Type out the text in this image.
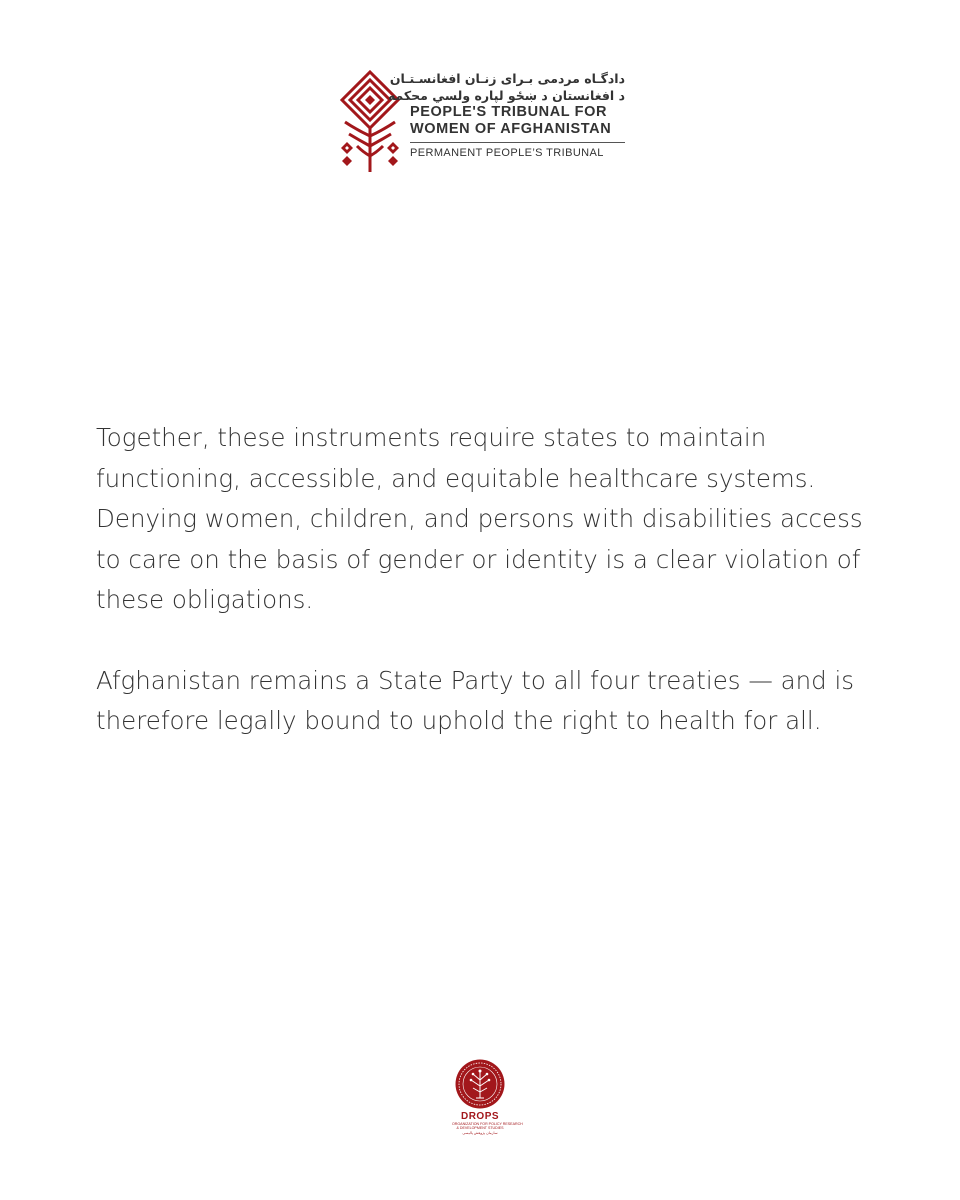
دادگـاه مردمی بـرای زنـان افغانسـتـان
د افغانستان د ښځو لپاره ولسي محکمه
PEOPLE'S TRIBUNAL FOR
WOMEN OF AFGHANISTAN
PERMANENT PEOPLE’S TRIBUNAL

Together, these instruments require states to maintain
functioning, accessible, and equitable healthcare systems.
Denying women, children, and persons with disabilities access
to care on the basis of gender or identity is a clear violation of
these obligations.

Afghanistan remains a State Party to all four treaties — and is
therefore legally bound to uphold the right to health for all.

DROPS
ORGANIZATION FOR POLICY RESEARCH
& DEVELOPMENT STUDIES
سازمان پژوهش پالیسی
